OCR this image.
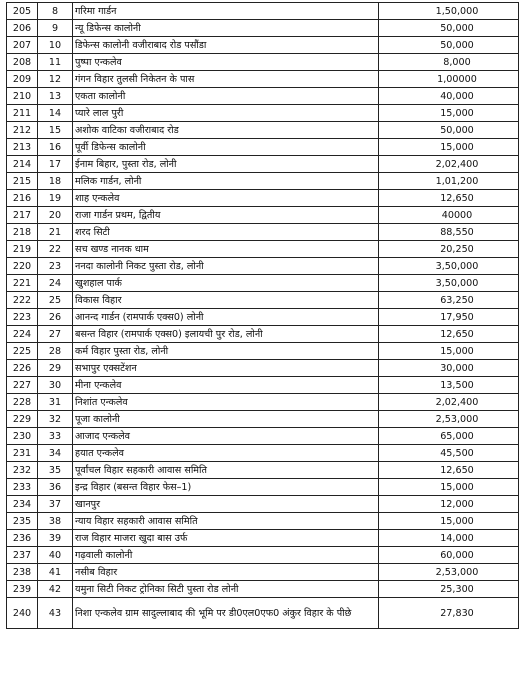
205	8	गरिमा गार्डन	1,50,000
206	9	न्यू डिफेन्स कालोनी	50,000
207	10	डिफेन्स कालोनी वजीराबाद रोड पसौंडा	50,000
208	11	पुष्पा एन्कलेव	8,000
209	12	गंगन विहार तुलसी निकेतन के पास	1,00000
210	13	एकता कालोनी	40,000
211	14	प्यारे लाल पुरी	15,000
212	15	अशोक वाटिका वजीराबाद रोड	50,000
213	16	पूर्वी डिफेन्स कालोनी	15,000
214	17	ईनाम बिहार, पुस्ता रोड, लोनी	2,02,400
215	18	मलिक गार्डन, लोनी	1,01,200
216	19	शाह एन्कलेव	12,650
217	20	राजा गार्डन प्रथम, द्वितीय	40000
218	21	शरद सिटी	88,550
219	22	सच खण्ड नानक धाम	20,250
220	23	ननदा कालोनी निकट पुस्ता रोड, लोनी	3,50,000
221	24	खुशहाल पार्क	3,50,000
222	25	विकास विहार	63,250
223	26	आनन्द गार्डन (रामपार्क एक्स0) लोनी	17,950
224	27	बसन्त विहार (रामपार्क एक्स0) इलायची पुर रोड, लोनी	12,650
225	28	कर्म विहार पुस्ता रोड, लोनी	15,000
226	29	सभापुर एक्सटेंशन	30,000
227	30	मीना एन्कलेव	13,500
228	31	निशांत एन्कलेव	2,02,400
229	32	पूजा कालोनी	2,53,000
230	33	आजाद एन्कलेव	65,000
231	34	हयात एन्कलेव	45,500
232	35	पूर्वांचल विहार सहकारी आवास समिति	12,650
233	36	इन्द्र विहार (बसन्त विहार फेस–1)	15,000
234	37	खानपुर	12,000
235	38	न्याय विहार सहकारी आवास समिति	15,000
236	39	राज विहार माजरा खुदा बास उर्फ	14,000
237	40	गढ़वाली कालोनी	60,000
238	41	नसीब विहार	2,53,000
239	42	यमुना सिटी निकट ट्रोनिका सिटी पुस्ता रोड लोनी	25,300
240	43	निशा एन्कलेव ग्राम सादुल्लाबाद की भूमि पर डी0एल0एफ0 अंकुर विहार के पीछे	27,830
